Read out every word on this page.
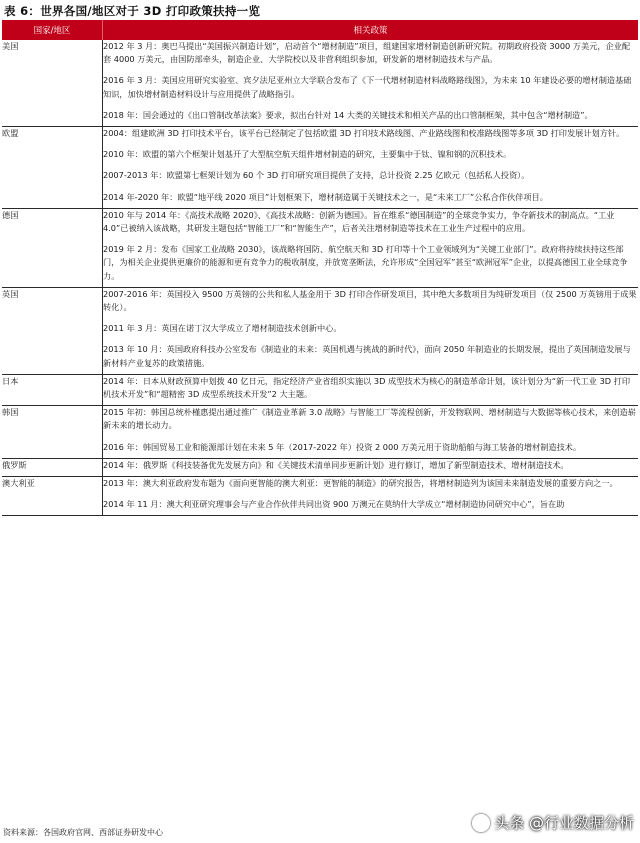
表 6：世界各国/地区对于 3D 打印政策扶持一览
国家/地区	相关政策
美国	2012 年 3 月：奥巴马提出“美国振兴制造计划”，启动首个“增材制造”项目，组建国家增材制造创新研究院。初期政府投资 3000 万美元，企业配套 4000 万美元，由国防部牵头，制造企业、大学院校以及非营利组织参加，研发新的增材制造技术与产品。
2016 年 3 月：美国应用研究实验室、宾夕法尼亚州立大学联合发布了《下一代增材制造材料战略路线图》，为未来 10 年建设必要的增材制造基础知识，加快增材制造材料设计与应用提供了战略指引。
2018 年：国会通过的《出口管制改革法案》要求，拟出台针对 14 大类的关键技术和相关产品的出口管制框架，其中包含“增材制造”。

欧盟	2004：组建欧洲 3D 打印技术平台，该平台已经制定了包括欧盟 3D 打印技术路线图、产业路线图和校准路线图等多项 3D 打印发展计划方针。
2010 年：欧盟的第六个框架计划基开了大型航空航天组件增材制造的研究，主要集中于钛、镍和钢的沉积技术。
2007-2013 年：欧盟第七框架计划为 60 个 3D 打印研究项目提供了支持，总计投资 2.25 亿欧元（包括私人投资）。
2014 年-2020 年：欧盟“地平线 2020 项目”计划框架下，增材制造属于关键技术之一，是“未来工厂”公私合作伙伴项目。

德国	2010 年与 2014 年：《高技术战略 2020》、《高技术战略：创新为德国》。旨在维系“德国制造”的全球竞争实力，争夺新技术的制高点。“工业 4.0”已被纳入该战略，其研发主题包括“智能工厂”和“智能生产”，后者关注增材制造等技术在工业生产过程中的应用。
2019 年 2 月：发布《国家工业战略 2030》，该战略将国防、航空航天和 3D 打印等十个工业领域列为“关键工业部门”。政府将持续扶持这些部门，为相关企业提供更廉价的能源和更有竞争力的税收制度，并放宽垄断法，允许形成“全国冠军”甚至“欧洲冠军”企业，以提高德国工业全球竞争力。

英国	2007-2016 年：英国投入 9500 万英镑的公共和私人基金用于 3D 打印合作研发项目，其中绝大多数项目为纯研发项目（仅 2500 万英镑用于成果转化）。
2011 年 3 月：英国在诺丁汉大学成立了增材制造技术创新中心。
2013 年 10 月：英国政府科技办公室发布《制造业的未来：英国机遇与挑战的新时代》，面向 2050 年制造业的长期发展，提出了英国制造发展与新材料产业复苏的政策措施。

日本	2014 年：日本从财政预算中划拨 40 亿日元，指定经济产业省组织实施以 3D 成型技术为核心的制造革命计划，该计划分为“新一代工业 3D 打印机技术开发”和“超精密 3D 成型系统技术开发”2 大主题。

韩国	2015 年初：韩国总统朴槿惠提出通过推广《制造业革新 3.0 战略》与智能工厂等流程创新，开发物联网、增材制造与大数据等核心技术，来创造崭新未来的增长动力。
2016 年：韩国贸易工业和能源部计划在未来 5 年（2017-2022 年）投资 2 000 万美元用于资助船舶与海工装备的增材制造技术。

俄罗斯	2014 年：俄罗斯《科技装备优先发展方向》和《关键技术清单同步更新计划》进行修订，增加了新型制造技术、增材制造技术。

澳大利亚	2013 年：澳大利亚政府发布题为《面向更智能的澳大利亚：更智能的制造》的研究报告，将增材制造列为该国未来制造发展的重要方向之一。
2014 年 11 月：澳大利亚研究理事会与产业合作伙伴共同出资 900 万澳元在莫纳什大学成立“增材制造协同研究中心”，旨在助
资料来源：各国政府官网、西部证券研发中心
头条 @行业数据分析
